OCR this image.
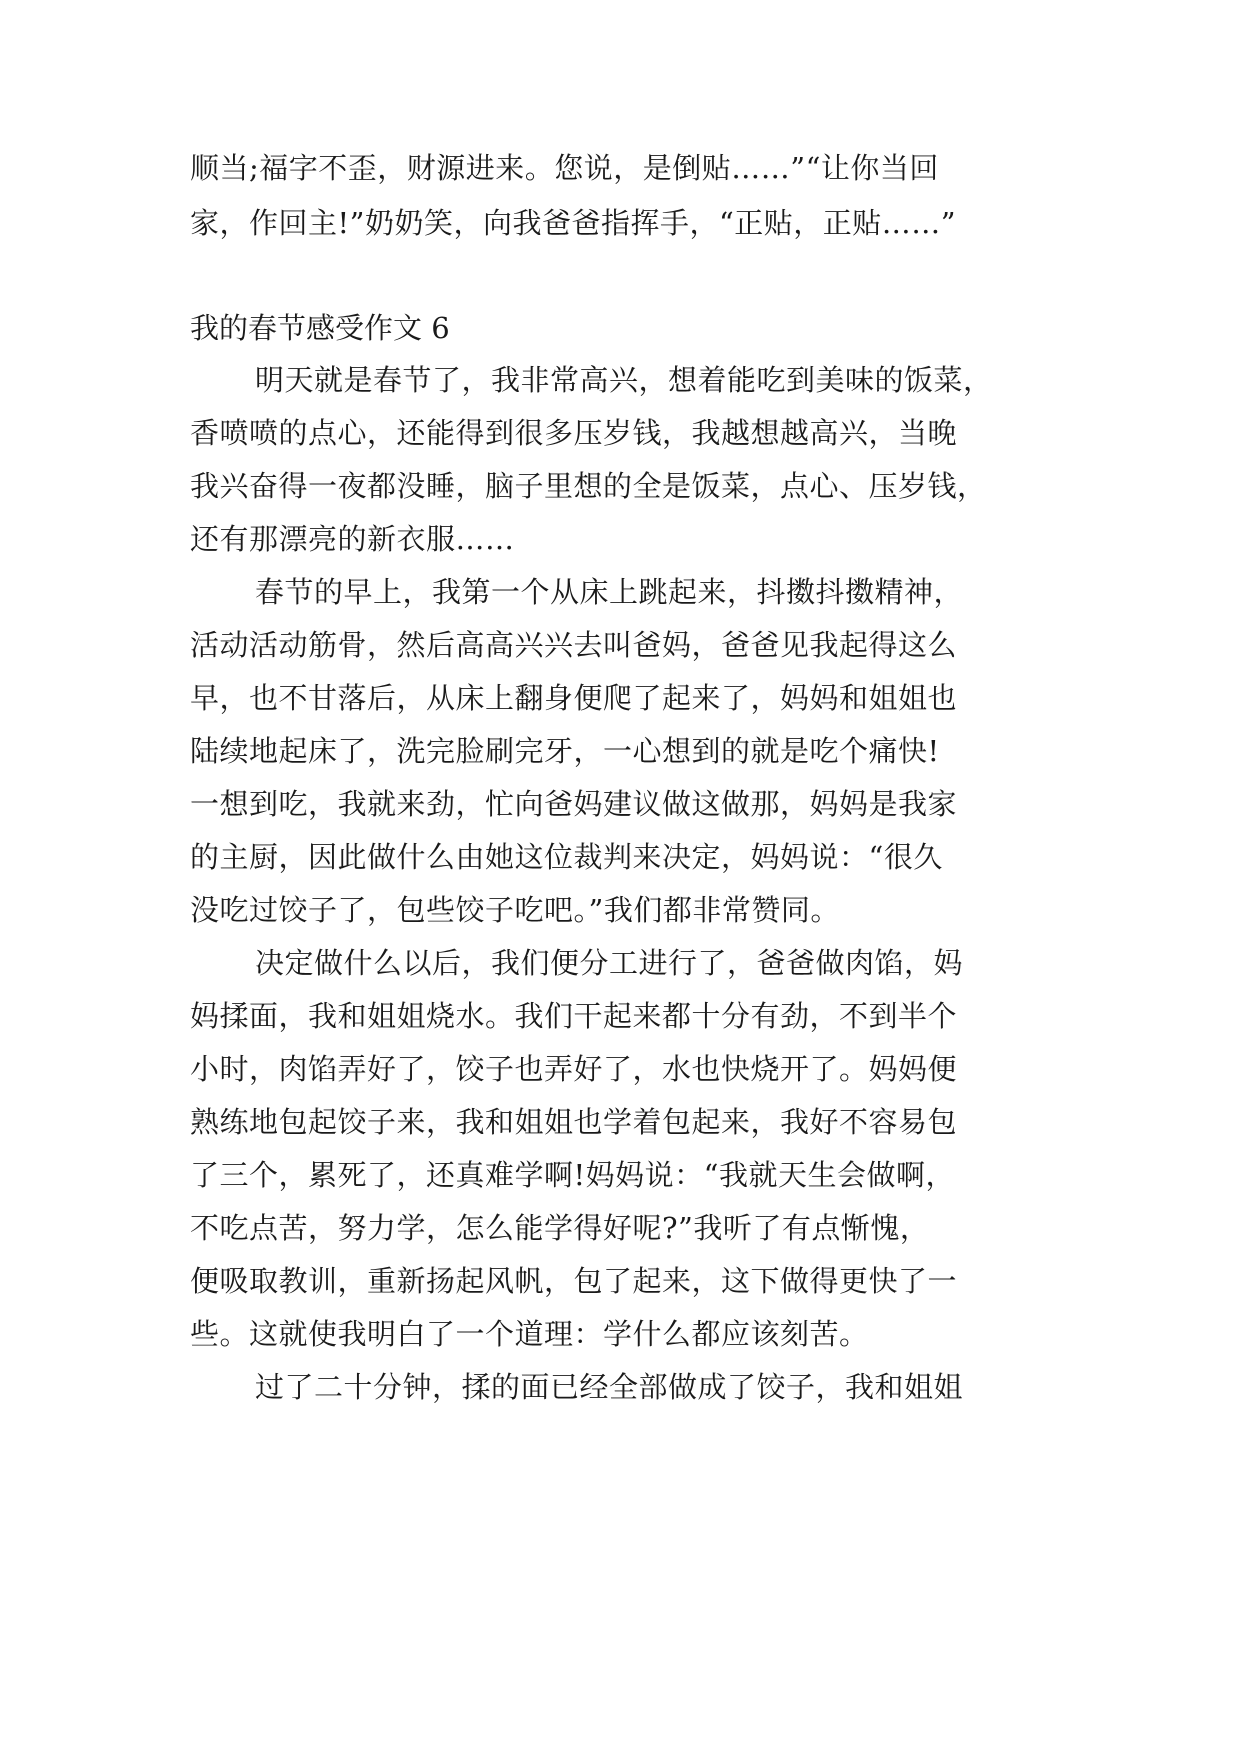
顺当;福字不歪，财源进来。您说，是倒贴……”“让你当回
家，作回主!”奶奶笑，向我爸爸指挥手，“正贴，正贴……”
我的春节感受作文 6
明天就是春节了，我非常高兴，想着能吃到美味的饭菜，
香喷喷的点心，还能得到很多压岁钱，我越想越高兴，当晚
我兴奋得一夜都没睡，脑子里想的全是饭菜，点心、压岁钱，
还有那漂亮的新衣服……
春节的早上，我第一个从床上跳起来，抖擞抖擞精神，
活动活动筋骨，然后高高兴兴去叫爸妈，爸爸见我起得这么
早，也不甘落后，从床上翻身便爬了起来了，妈妈和姐姐也
陆续地起床了，洗完脸刷完牙，一心想到的就是吃个痛快!
一想到吃，我就来劲，忙向爸妈建议做这做那，妈妈是我家
的主厨，因此做什么由她这位裁判来决定，妈妈说：“很久
没吃过饺子了，包些饺子吃吧。”我们都非常赞同。
决定做什么以后，我们便分工进行了，爸爸做肉馅，妈
妈揉面，我和姐姐烧水。我们干起来都十分有劲，不到半个
小时，肉馅弄好了，饺子也弄好了，水也快烧开了。妈妈便
熟练地包起饺子来，我和姐姐也学着包起来，我好不容易包
了三个，累死了，还真难学啊!妈妈说：“我就天生会做啊，
不吃点苦，努力学，怎么能学得好呢?”我听了有点惭愧，
便吸取教训，重新扬起风帆，包了起来，这下做得更快了一
些。这就使我明白了一个道理：学什么都应该刻苦。
过了二十分钟，揉的面已经全部做成了饺子，我和姐姐
